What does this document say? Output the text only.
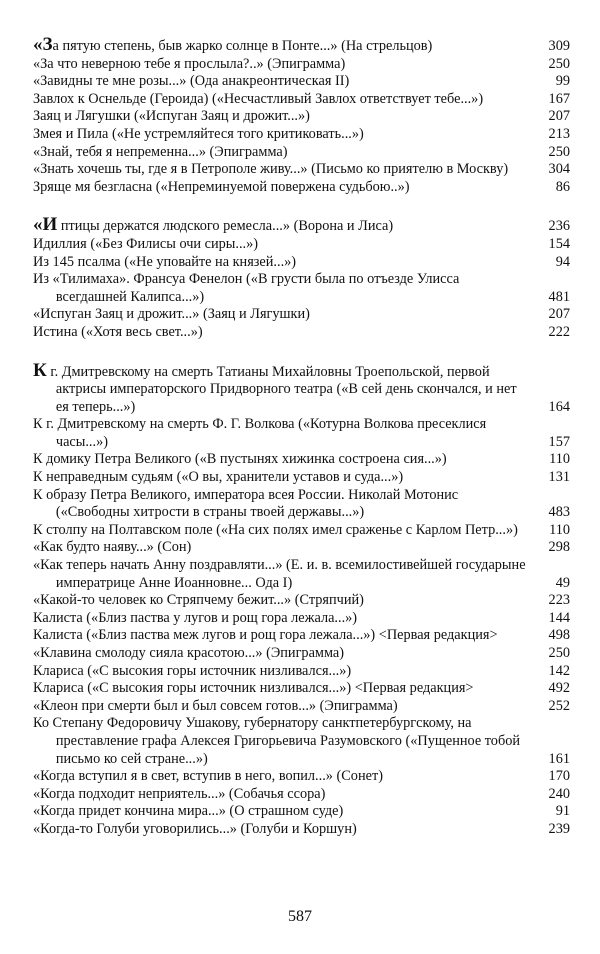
«За пятую степень, быв жарко солнце в Понте...» (На стрельцов)	309
«За что неверною тебе я прослыла?..» (Эпиграмма)	250
«Завидны те мне розы...» (Ода анакреонтическая II)	99
Завлох к Оснельде (Героида) («Несчастливый Завлох ответствует тебе...»)	167
Заяц и Лягушки («Испуган Заяц и дрожит...»)	207
Змея и Пила («Не устремляйтеся того критиковать...»)	213
«Знай, тебя я непременна...» (Эпиграмма)	250
«Знать хочешь ты, где я в Петрополе живу...» (Письмо ко приятелю в Москву)	304
Зряще мя безгласна («Непреминуемой повержена судьбою..»)	86
«И птицы держатся людского ремесла...» (Ворона и Лиса)	236
Идиллия («Без Филисы очи сиры...»)	154
Из 145 псалма («Не уповайте на князей...»)	94
Из «Тилимаха». Франсуа Фенелон («В грусти была по отъезде Улисса всегдашней Калипса...»)	481
«Испуган Заяц и дрожит...» (Заяц и Лягушки)	207
Истина («Хотя весь свет...»)	222
К г. Дмитревскому на смерть Татианы Михайловны Троепольской, первой актрисы императорского Придворного театра («В сей день скончался, и нет ея теперь...»)	164
К г. Дмитревскому на смерть Ф. Г. Волкова («Котурна Волкова пресеклися часы...»)	157
К домику Петра Великого («В пустынях хижинка состроена сия...»)	110
К неправедным судьям («О вы, хранители уставов и суда...»)	131
К образу Петра Великого, императора всея России. Николай Мотонис («Свободны хитрости в страны твоей державы...»)	483
К столпу на Полтавском поле («На сих полях имел сраженье с Карлом Петр...») 110
«Как будто наяву...» (Сон)	298
«Как теперь начать Анну поздравляти...» (Е. и. в. всемилостивейшей государыне императрице Анне Иоанновне... Ода I)	49
«Какой-то человек ко Стряпчему бежит...» (Стряпчий)	223
Калиста («Близ паства у лугов и рощ гора лежала...»)	144
Калиста («Близ паства меж лугов и рощ гора лежала...») <Первая редакция>	498
«Клавина смолоду сияла красотою...» (Эпиграмма)	250
Клариса («С высокия горы источник низливался...»)	142
Клариса («С высокия горы источник низливался...») <Первая редакция>	492
«Клеон при смерти был и был совсем готов...» (Эпиграмма)	252
Ко Степану Федоровичу Ушакову, губернатору санктпетербургскому, на преставление графа Алексея Григорьевича Разумовского («Пущенное тобой письмо ко сей стране...»)	161
«Когда вступил я в свет, вступив в него, вопил...» (Сонет)	170
«Когда подходит неприятель...» (Собачья ссора)	240
«Когда придет кончина мира...» (О страшном суде)	91
«Когда-то Голуби уговорились...» (Голуби и Коршун)	239
587
